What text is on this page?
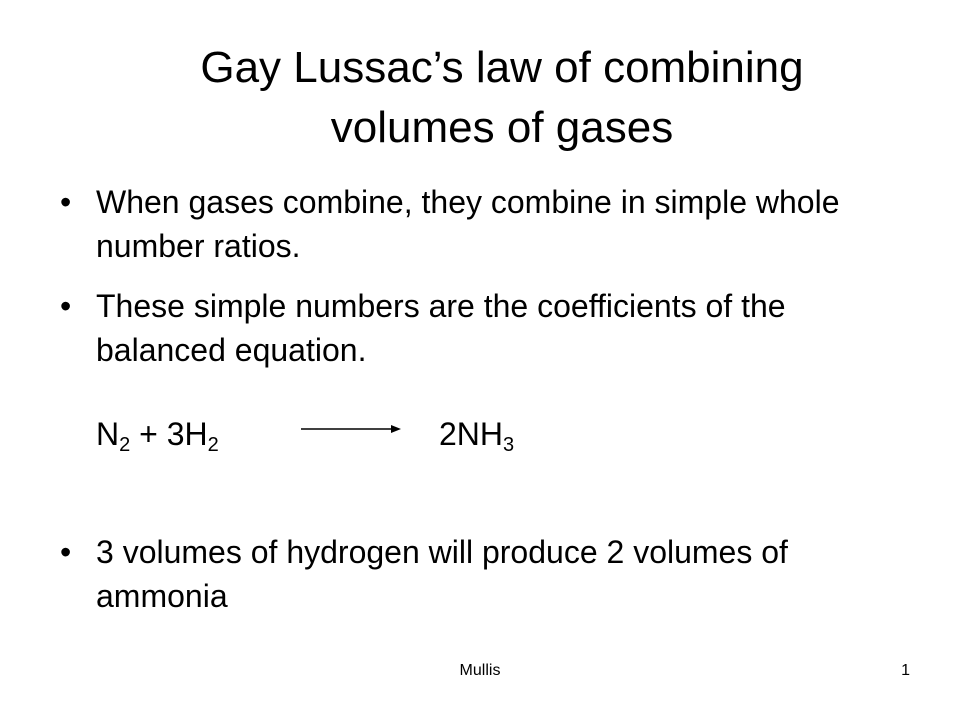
Gay Lussac’s law of combining
volumes of gases
• When gases combine, they combine in simple whole number ratios.
• These simple numbers are the coefficients of the balanced equation.
$N_2 + 3H_2 \to 2NH_3$
• 3 volumes of hydrogen will produce 2 volumes of ammonia
Mullis	1
